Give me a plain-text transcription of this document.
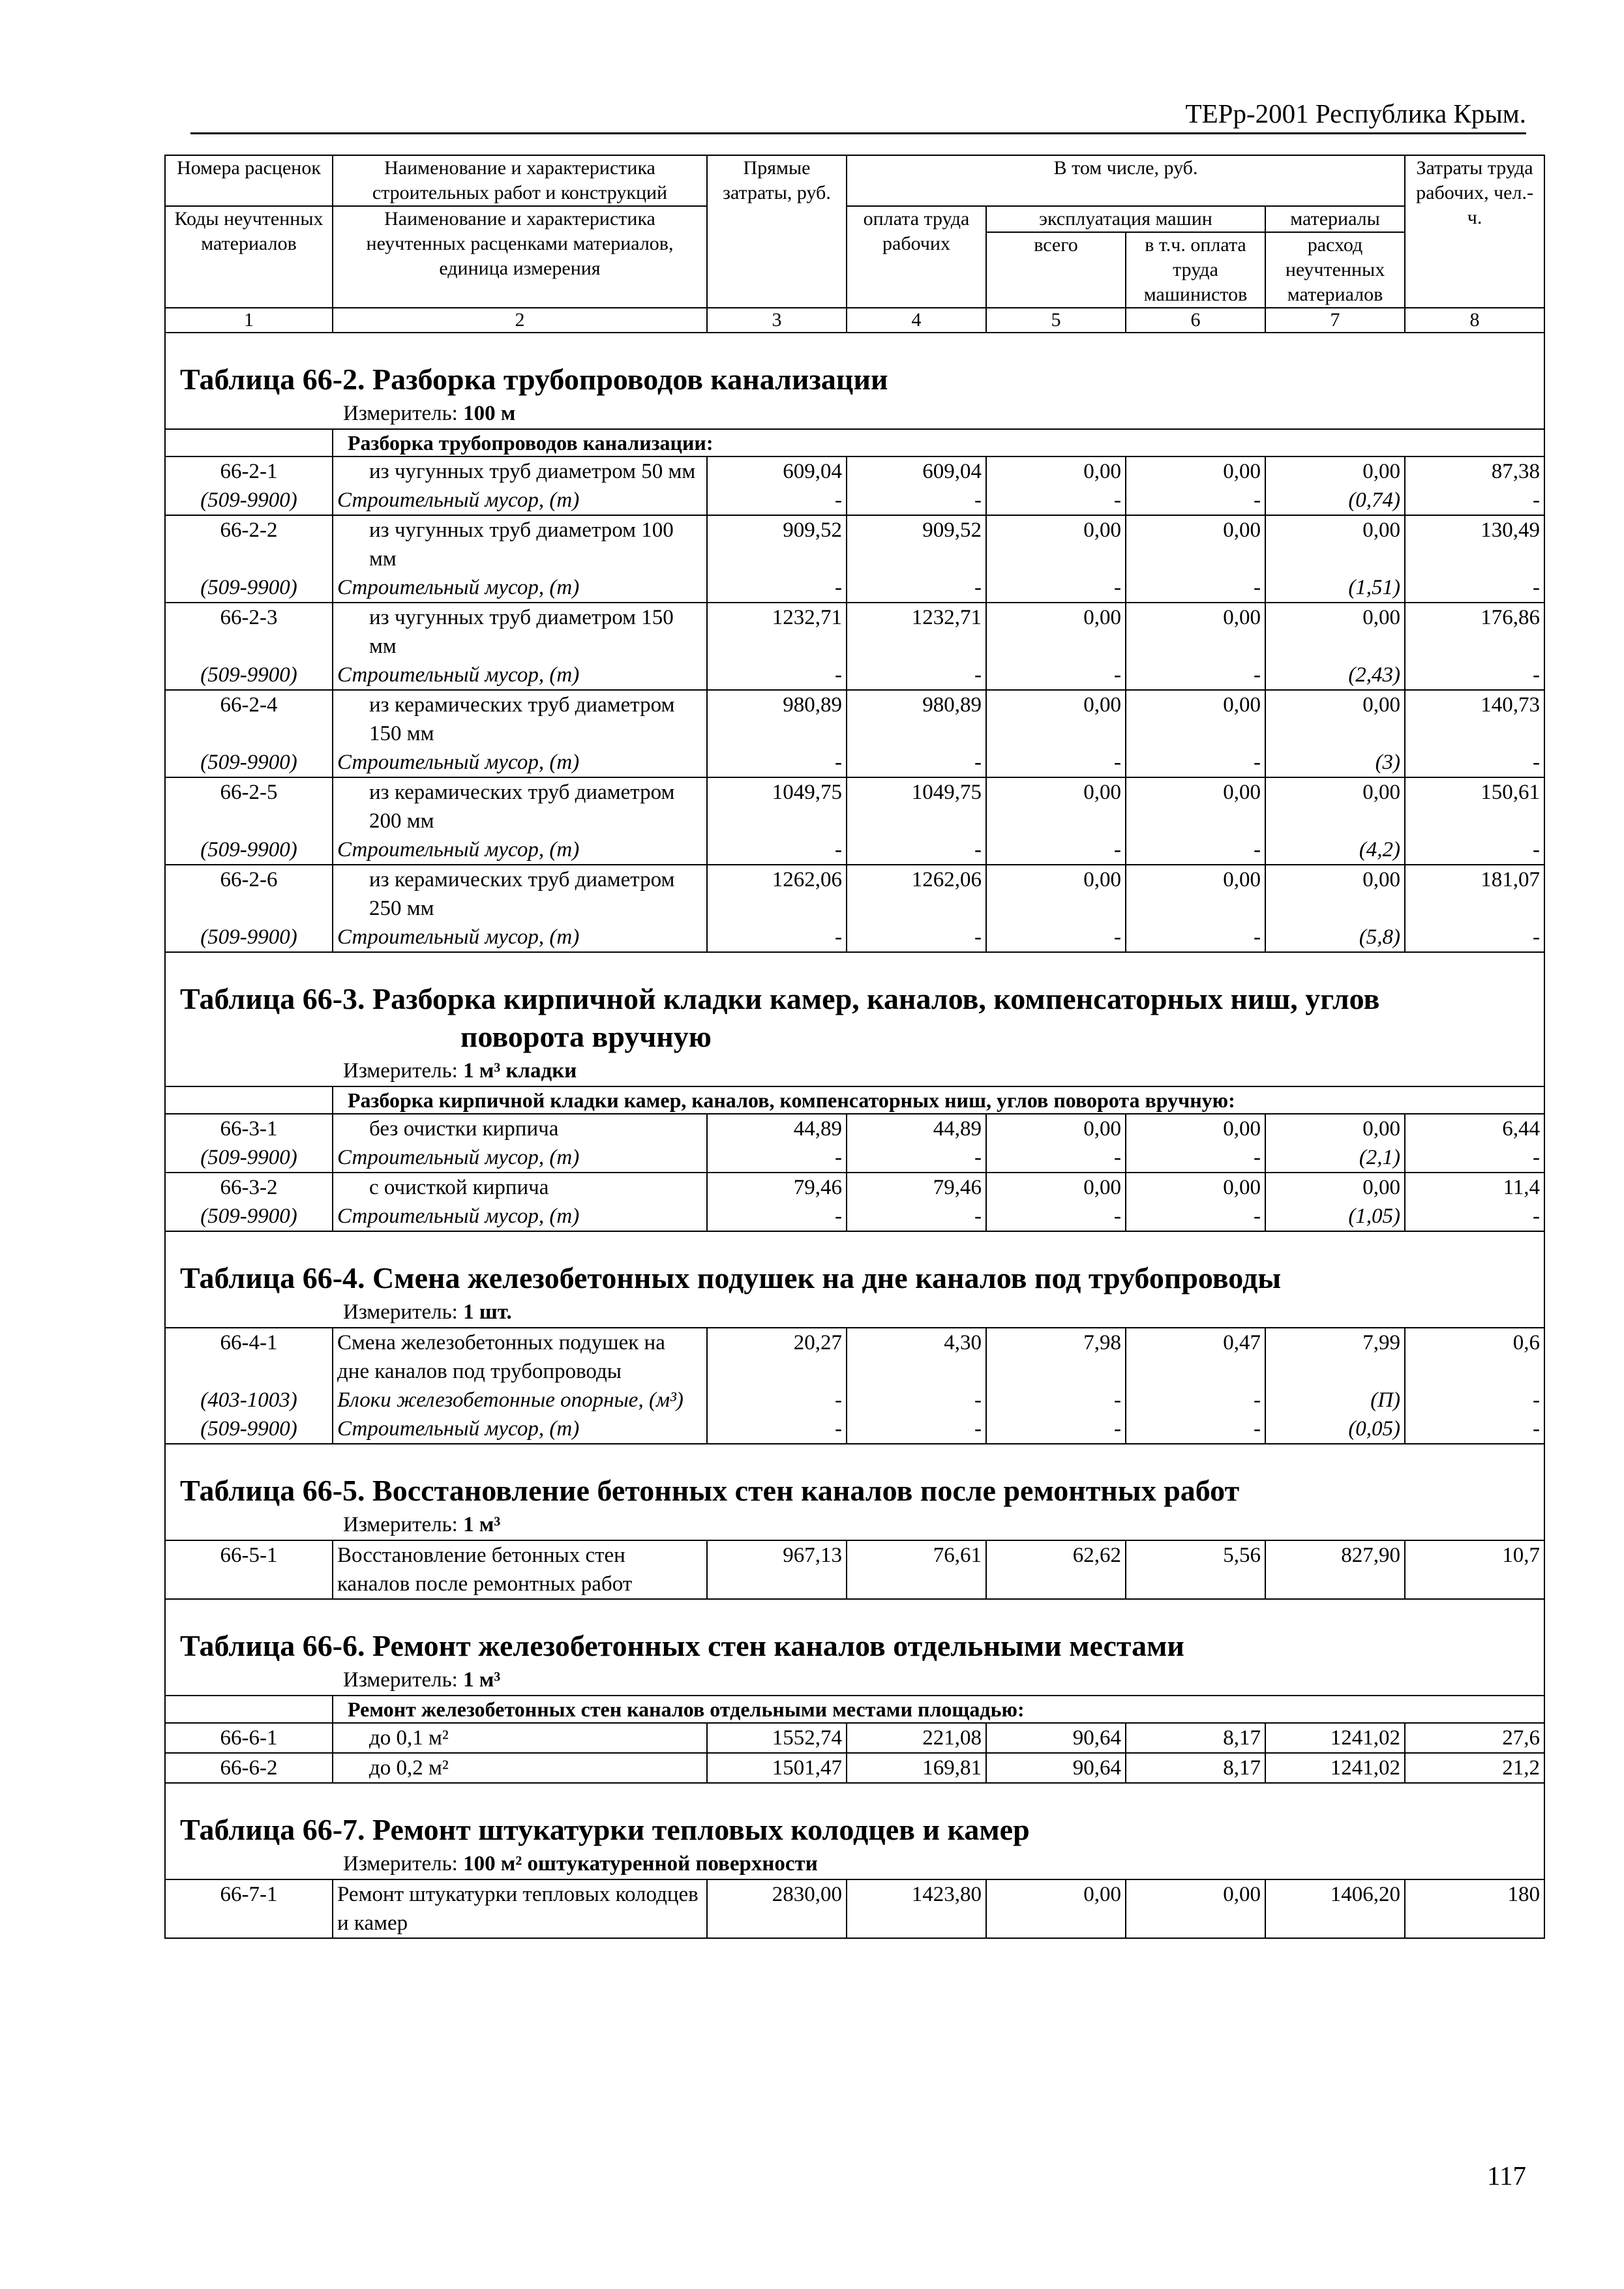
ТЕРр-2001 Республика Крым.
Номера расценок	Наименование и характеристика строительных работ и конструкций	Прямые затраты, руб.	В том числе, руб.				Затраты труда рабочих, чел.-ч.
Коды неучтенных материалов	Наименование и характеристика неучтенных расценками материалов, единица измерения		оплата труда рабочих	эксплуатация машин		материалы	
				всего	в т.ч. оплата труда машинистов	расход неучтенных материалов	
1	2	3	4	5	6	7	8
Таблица 66-2. Разборка трубопроводов канализации							
Измеритель: 100 м							
	Разборка трубопроводов канализации:						
66-2-1	из чугунных труб диаметром 50 мм	609,04	609,04	0,00	0,00	0,00	87,38
(509-9900)	Строительный мусор, (т)	-	-	-	-	(0,74)	-
66-2-2	из чугунных труб диаметром 100 мм	909,52	909,52	0,00	0,00	0,00	130,49
(509-9900)	Строительный мусор, (т)	-	-	-	-	(1,51)	-
66-2-3	из чугунных труб диаметром 150 мм	1232,71	1232,71	0,00	0,00	0,00	176,86
(509-9900)	Строительный мусор, (т)	-	-	-	-	(2,43)	-
66-2-4	из керамических труб диаметром 150 мм	980,89	980,89	0,00	0,00	0,00	140,73
(509-9900)	Строительный мусор, (т)	-	-	-	-	(3)	-
66-2-5	из керамических труб диаметром 200 мм	1049,75	1049,75	0,00	0,00	0,00	150,61
(509-9900)	Строительный мусор, (т)	-	-	-	-	(4,2)	-
66-2-6	из керамических труб диаметром 250 мм	1262,06	1262,06	0,00	0,00	0,00	181,07
(509-9900)	Строительный мусор, (т)	-	-	-	-	(5,8)	-
Таблица 66-3. Разборка кирпичной кладки камер, каналов, компенсаторных ниш, углов
поворота вручную							

Измеритель: 1 м³ кладки							
	Разборка кирпичной кладки камер, каналов, компенсаторных ниш, углов поворота вручную:						
66-3-1	без очистки кирпича	44,89	44,89	0,00	0,00	0,00	6,44
(509-9900)	Строительный мусор, (т)	-	-	-	-	(2,1)	-
66-3-2	с очисткой кирпича	79,46	79,46	0,00	0,00	0,00	11,4
(509-9900)	Строительный мусор, (т)	-	-	-	-	(1,05)	-
Таблица 66-4. Смена железобетонных подушек на дне каналов под трубопроводы							
Измеритель: 1 шт.							
66-4-1	Смена железобетонных подушек на дне каналов под трубопроводы	20,27	4,30	7,98	0,47	7,99	0,6
(403-1003)	Блоки железобетонные опорные, (м³)	-	-	-	-	(П)	-
(509-9900)	Строительный мусор, (т)	-	-	-	-	(0,05)	-
Таблица 66-5. Восстановление бетонных стен каналов после ремонтных работ							
Измеритель: 1 м³							
66-5-1	Восстановление бетонных стен каналов после ремонтных работ	967,13	76,61	62,62	5,56	827,90	10,7
Таблица 66-6. Ремонт железобетонных стен каналов отдельными местами							
Измеритель: 1 м³							
	Ремонт железобетонных стен каналов отдельными местами площадью:						
66-6-1	до 0,1 м²	1552,74	221,08	90,64	8,17	1241,02	27,6
66-6-2	до 0,2 м²	1501,47	169,81	90,64	8,17	1241,02	21,2
Таблица 66-7. Ремонт штукатурки тепловых колодцев и камер							
Измеритель: 100 м² оштукатуренной поверхности							
66-7-1	Ремонт штукатурки тепловых колодцев и камер	2830,00	1423,80	0,00	0,00	1406,20	180
117
